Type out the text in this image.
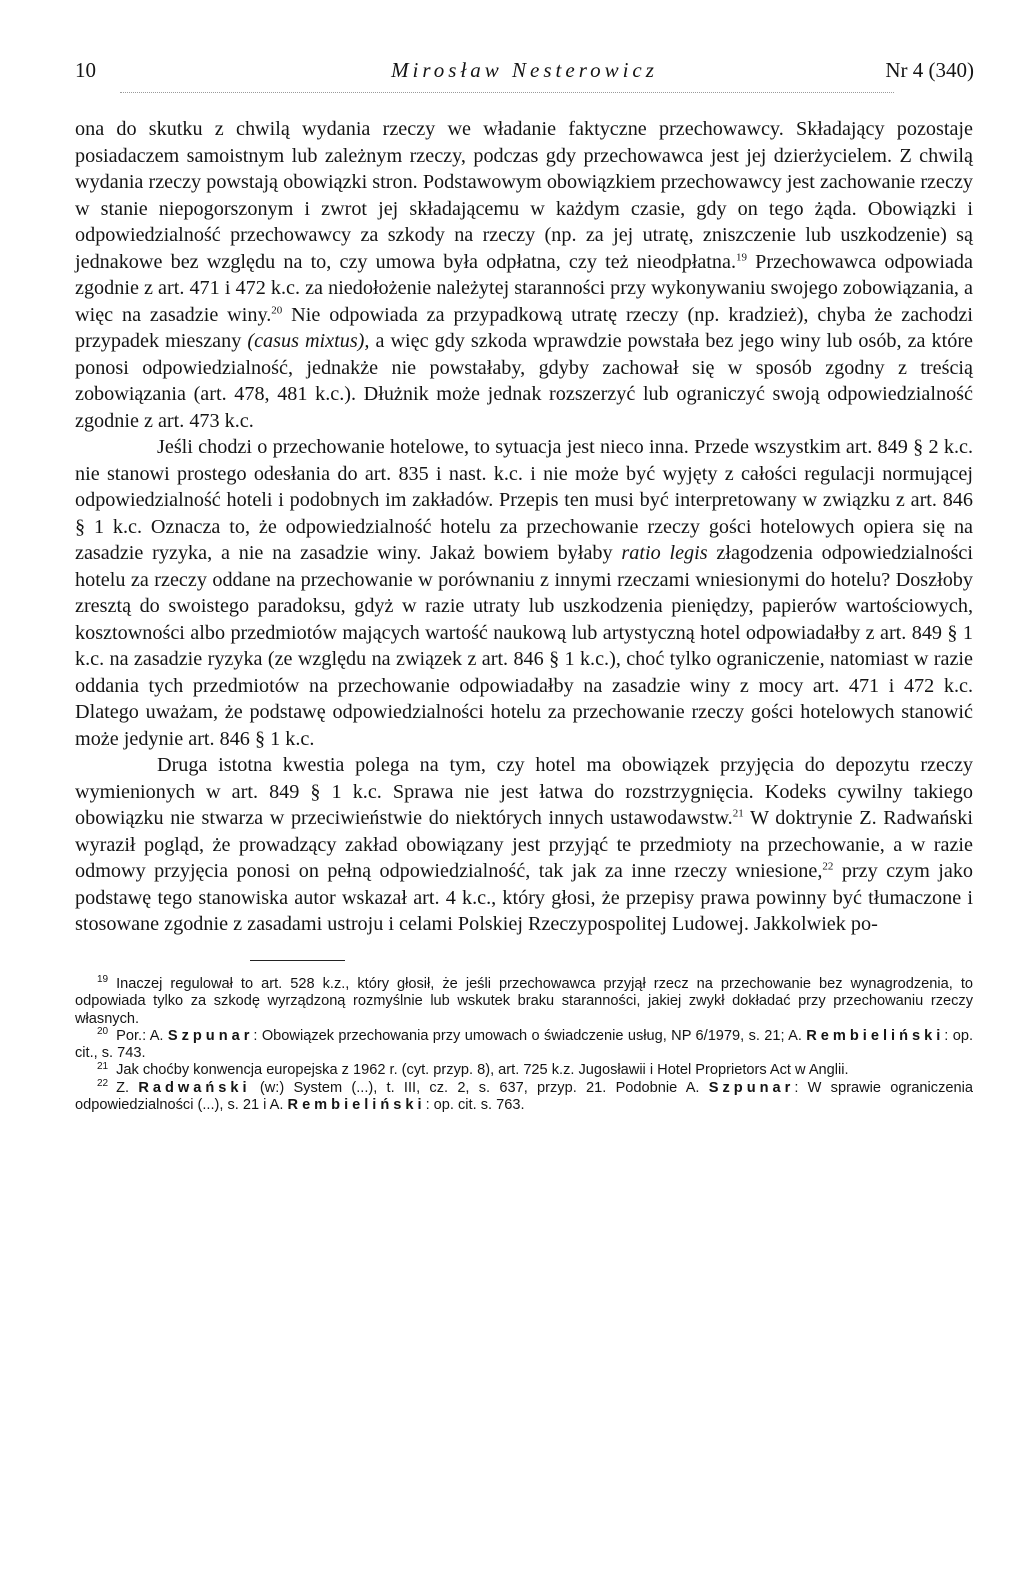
10	Mirosław Nesterowicz	Nr 4 (340)

ona do skutku z chwilą wydania rzeczy we władanie faktyczne przechowawcy. Składający pozostaje posiadaczem samoistnym lub zależnym rzeczy, podczas gdy przechowawca jest jej dzierżycielem. Z chwilą wydania rzeczy powstają obowiązki stron. Podstawowym obowiązkiem przechowawcy jest zachowanie rzeczy w stanie niepogorszonym i zwrot jej składającemu w każdym czasie, gdy on tego żąda. Obowiązki i odpowiedzialność przechowawcy za szkody na rzeczy (np. za jej utratę, zniszczenie lub uszkodzenie) są jednakowe bez względu na to, czy umowa była odpłatna, czy też nieodpłatna.$^{19}$ Przechowawca odpowiada zgodnie z art. 471 i 472 k.c. za niedołożenie należytej staranności przy wykonywaniu swojego zobowiązania, a więc na zasadzie winy.$^{20}$ Nie odpowiada za przypadkową utratę rzeczy (np. kradzież), chyba że zachodzi przypadek mieszany (casus mixtus), a więc gdy szkoda wprawdzie powstała bez jego winy lub osób, za które ponosi odpowiedzialność, jednakże nie powstałaby, gdyby zachował się w sposób zgodny z treścią zobowiązania (art. 478, 481 k.c.). Dłużnik może jednak rozszerzyć lub ograniczyć swoją odpowiedzialność zgodnie z art. 473 k.c.

Jeśli chodzi o przechowanie hotelowe, to sytuacja jest nieco inna. Przede wszystkim art. 849 § 2 k.c. nie stanowi prostego odesłania do art. 835 i nast. k.c. i nie może być wyjęty z całości regulacji normującej odpowiedzialność hoteli i podobnych im zakładów. Przepis ten musi być interpretowany w związku z art. 846 § 1 k.c. Oznacza to, że odpowiedzialność hotelu za przechowanie rzeczy gości hotelowych opiera się na zasadzie ryzyka, a nie na zasadzie winy. Jakaż bowiem byłaby ratio legis złagodzenia odpowiedzialności hotelu za rzeczy oddane na przechowanie w porównaniu z innymi rzeczami wniesionymi do hotelu? Doszłoby zresztą do swoistego paradoksu, gdyż w razie utraty lub uszkodzenia pieniędzy, papierów wartościowych, kosztowności albo przedmiotów mających wartość naukową lub artystyczną hotel odpowiadałby z art. 849 § 1 k.c. na zasadzie ryzyka (ze względu na związek z art. 846 § 1 k.c.), choć tylko ograniczenie, natomiast w razie oddania tych przedmiotów na przechowanie odpowiadałby na zasadzie winy z mocy art. 471 i 472 k.c. Dlatego uważam, że podstawę odpowiedzialności hotelu za przechowanie rzeczy gości hotelowych stanowić może jedynie art. 846 § 1 k.c.

Druga istotna kwestia polega na tym, czy hotel ma obowiązek przyjęcia do depozytu rzeczy wymienionych w art. 849 § 1 k.c. Sprawa nie jest łatwa do rozstrzygnięcia. Kodeks cywilny takiego obowiązku nie stwarza w przeciwieństwie do niektórych innych ustawodawstw.$^{21}$ W doktrynie Z. Radwański wyraził pogląd, że prowadzący zakład obowiązany jest przyjąć te przedmioty na przechowanie, a w razie odmowy przyjęcia ponosi on pełną odpowiedzialność, tak jak za inne rzeczy wniesione,$^{22}$ przy czym jako podstawę tego stanowiska autor wskazał art. 4 k.c., który głosi, że przepisy prawa powinny być tłumaczone i stosowane zgodnie z zasadami ustroju i celami Polskiej Rzeczypospolitej Ludowej. Jakkolwiek po-

$^{19}$ Inaczej regulował to art. 528 k.z., który głosił, że jeśli przechowawca przyjął rzecz na przechowanie bez wynagrodzenia, to odpowiada tylko za szkodę wyrządzoną rozmyślnie lub wskutek braku staranności, jakiej zwykł dokładać przy przechowaniu rzeczy własnych.

$^{20}$ Por.: A. Szpunar: Obowiązek przechowania przy umowach o świadczenie usług, NP 6/1979, s. 21; A. Rembieliński: op. cit., s. 743.

$^{21}$ Jak choćby konwencja europejska z 1962 r. (cyt. przyp. 8), art. 725 k.z. Jugosławii i Hotel Proprietors Act w Anglii.

$^{22}$ Z. Radwański (w:) System (...), t. III, cz. 2, s. 637, przyp. 21. Podobnie A. Szpunar: W sprawie ograniczenia odpowiedzialności (...), s. 21 i A. Rembieliński: op. cit. s. 763.
